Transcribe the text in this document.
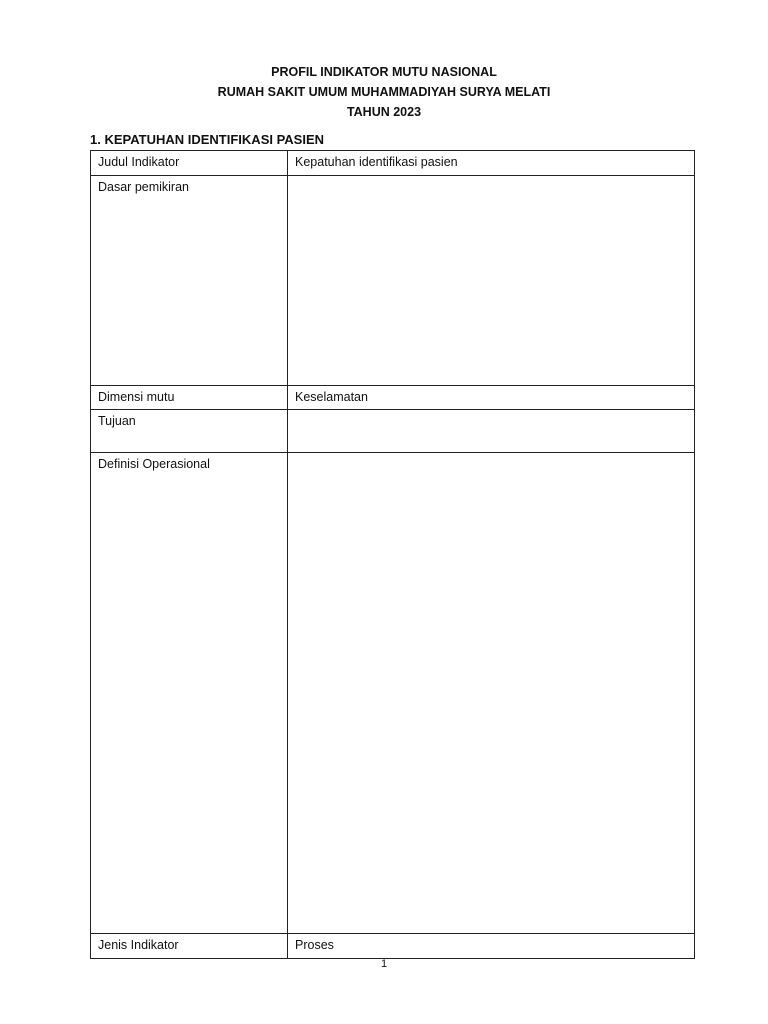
PROFIL INDIKATOR MUTU NASIONAL
RUMAH SAKIT UMUM MUHAMMADIYAH SURYA MELATI
TAHUN 2023
1. KEPATUHAN IDENTIFIKASI PASIEN
Judul Indikator	Kepatuhan identifikasi pasien
Dasar pemikiran	
Dimensi mutu	Keselamatan
Tujuan	
Definisi Operasional	
Jenis Indikator	Proses
1
